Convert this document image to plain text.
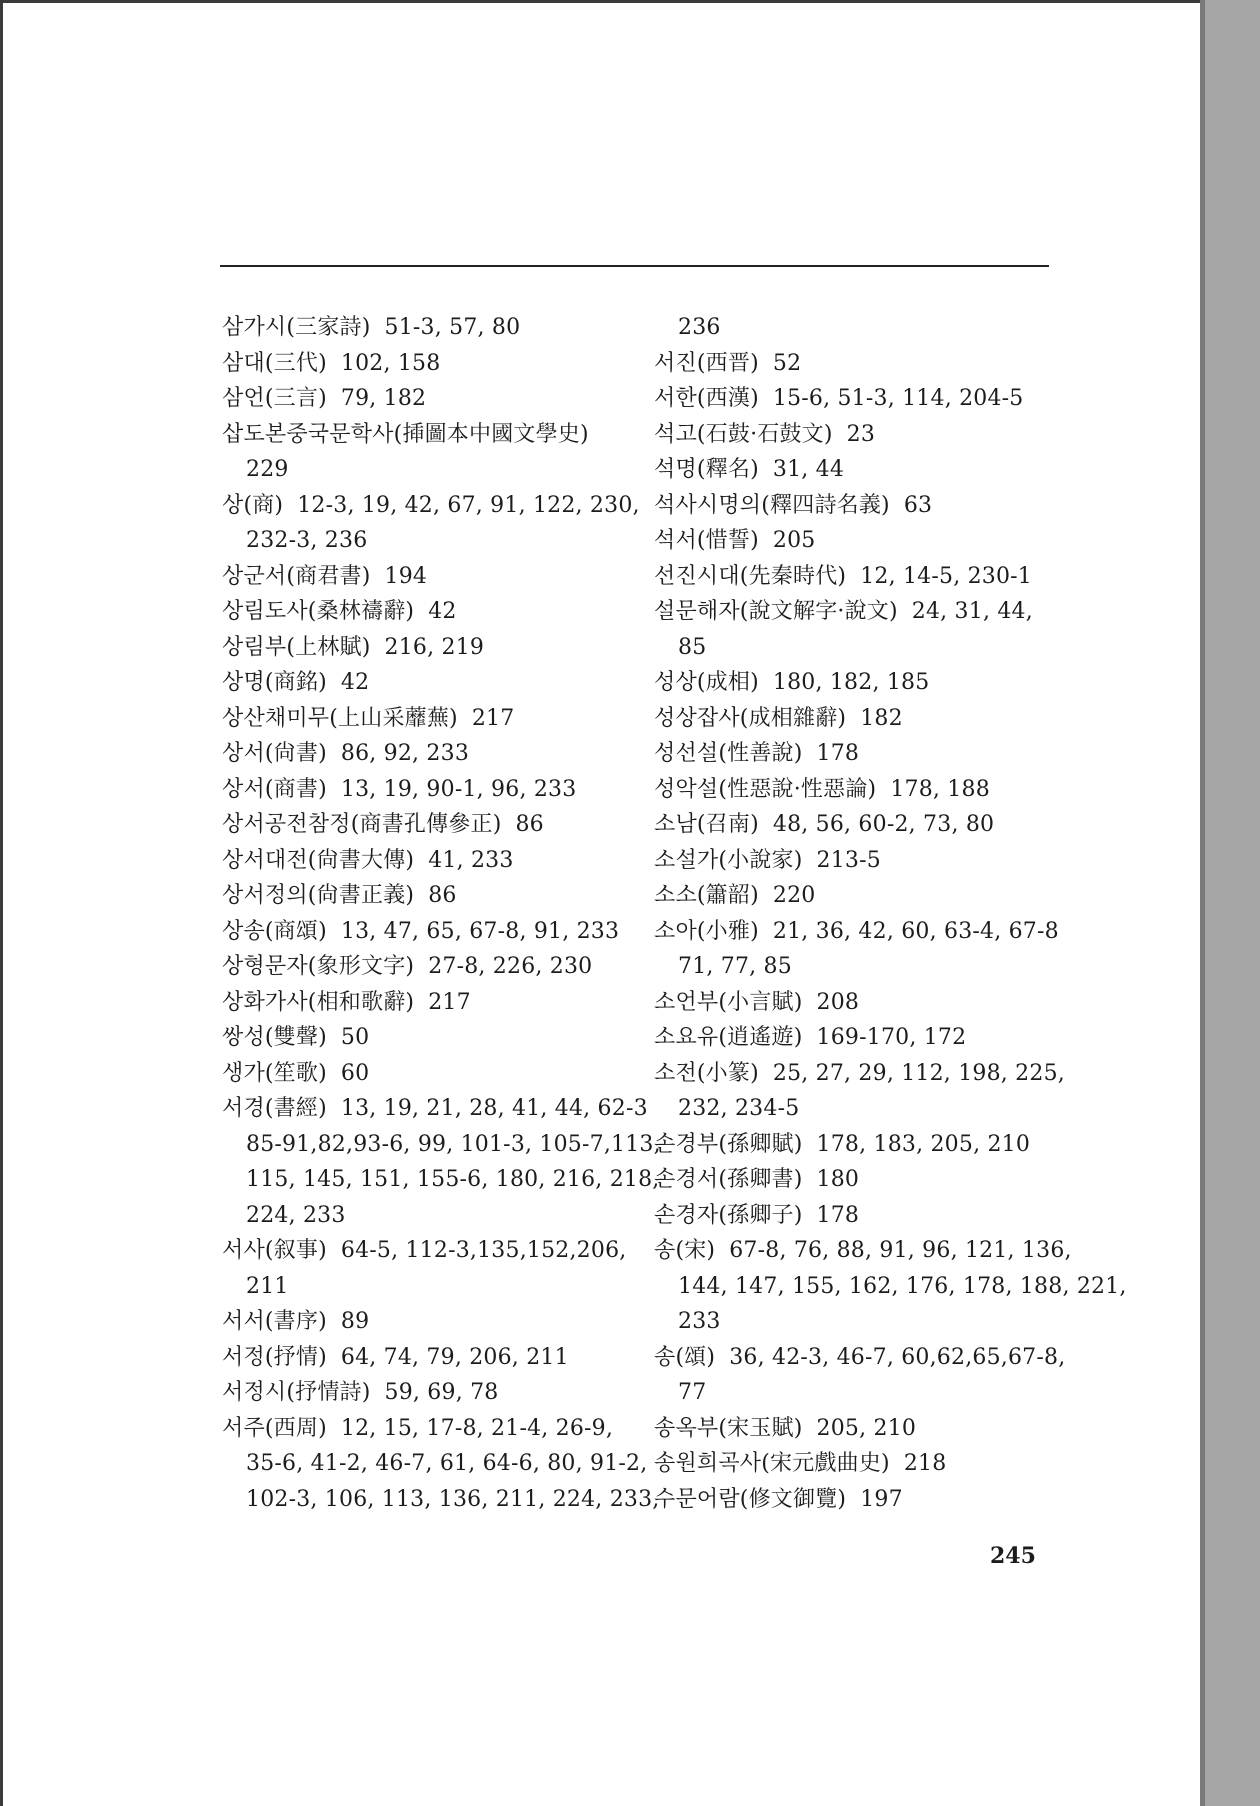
삼가시(三家詩) 51-3, 57, 80
삼대(三代) 102, 158
삼언(三言) 79, 182
삽도본중국문학사(揷圖本中國文學史)
229
상(商) 12-3, 19, 42, 67, 91, 122, 230,
232-3, 236
상군서(商君書) 194
상림도사(桑林禱辭) 42
상림부(上林賦) 216, 219
상명(商銘) 42
상산채미무(上山采蘼蕪) 217
상서(尙書) 86, 92, 233
상서(商書) 13, 19, 90-1, 96, 233
상서공전참정(商書孔傳參正) 86
상서대전(尙書大傳) 41, 233
상서정의(尙書正義) 86
상송(商頌) 13, 47, 65, 67-8, 91, 233
상형문자(象形文字) 27-8, 226, 230
상화가사(相和歌辭) 217
쌍성(雙聲) 50
생가(笙歌) 60
서경(書經) 13, 19, 21, 28, 41, 44, 62-3
85-91,82,93-6, 99, 101-3, 105-7,113,
115, 145, 151, 155-6, 180, 216, 218,
224, 233
서사(叙事) 64-5, 112-3,135,152,206,
211
서서(書序) 89
서정(抒情) 64, 74, 79, 206, 211
서정시(抒情詩) 59, 69, 78
서주(西周) 12, 15, 17-8, 21-4, 26-9,
35-6, 41-2, 46-7, 61, 64-6, 80, 91-2,
102-3, 106, 113, 136, 211, 224, 233,
236
서진(西晋) 52
서한(西漢) 15-6, 51-3, 114, 204-5
석고(石鼓·石鼓文) 23
석명(釋名) 31, 44
석사시명의(釋四詩名義) 63
석서(惜誓) 205
선진시대(先秦時代) 12, 14-5, 230-1
설문해자(說文解字·說文) 24, 31, 44,
85
성상(成相) 180, 182, 185
성상잡사(成相雜辭) 182
성선설(性善說) 178
성악설(性惡說·性惡論) 178, 188
소남(召南) 48, 56, 60-2, 73, 80
소설가(小說家) 213-5
소소(簫韶) 220
소아(小雅) 21, 36, 42, 60, 63-4, 67-8
71, 77, 85
소언부(小言賦) 208
소요유(逍遙遊) 169-170, 172
소전(小篆) 25, 27, 29, 112, 198, 225,
232, 234-5
손경부(孫卿賦) 178, 183, 205, 210
손경서(孫卿書) 180
손경자(孫卿子) 178
송(宋) 67-8, 76, 88, 91, 96, 121, 136,
144, 147, 155, 162, 176, 178, 188, 221,
233
송(頌) 36, 42-3, 46-7, 60,62,65,67-8,
77
송옥부(宋玉賦) 205, 210
송원희곡사(宋元戲曲史) 218
수문어람(修文御覽) 197
245
